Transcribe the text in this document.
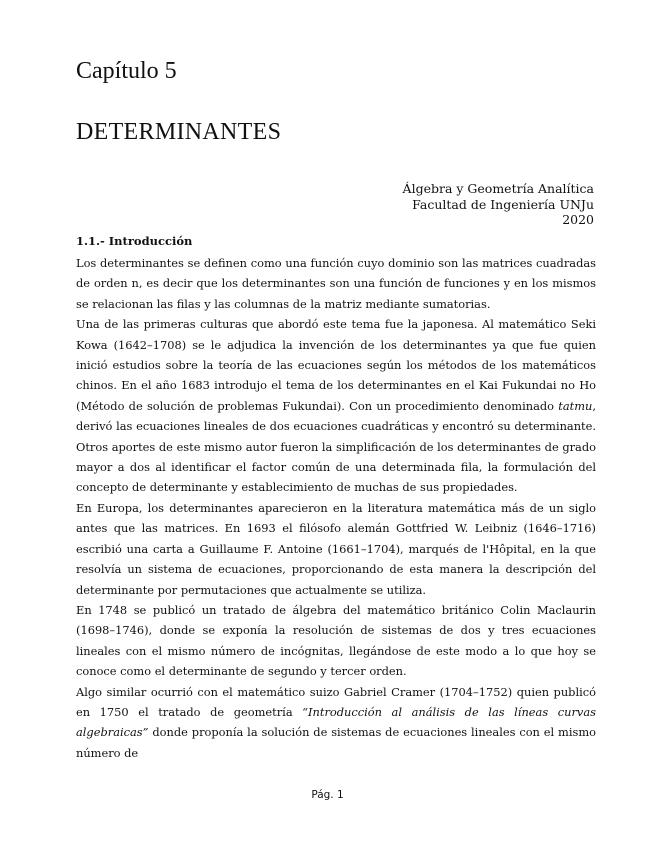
Capítulo 5
DETERMINANTES
Álgebra y Geometría Analítica
Facultad de Ingeniería UNJu
2020
1.1.- Introducción

Los determinantes se definen como una función cuyo dominio son las matrices cuadradas de orden n, es decir que los determinantes son una función de funciones y en los mismos se relacionan las filas y las columnas de la matriz mediante sumatorias.

Una de las primeras culturas que abordó este tema fue la japonesa. Al matemático Seki Kowa (1642–1708) se le adjudica la invención de los determinantes ya que fue quien inició estudios sobre la teoría de las ecuaciones según los métodos de los matemáticos chinos. En el año 1683 introdujo el tema de los determinantes en el Kai Fukundai no Ho (Método de solución de problemas Fukundai). Con un procedimiento denominado tatmu, derivó las ecuaciones lineales de dos ecuaciones cuadráticas y encontró su determinante. Otros aportes de este mismo autor fueron la simplificación de los determinantes de grado mayor a dos al identificar el factor común de una determinada fila, la formulación del concepto de determinante y establecimiento de muchas de sus propiedades.

En Europa, los determinantes aparecieron en la literatura matemática más de un siglo antes que las matrices. En 1693 el filósofo alemán Gottfried W. Leibniz (1646–1716) escribió una carta a Guillaume F. Antoine (1661–1704), marqués de l'Hôpital, en la que resolvía un sistema de ecuaciones, proporcionando de esta manera la descripción del determinante por permutaciones que actualmente se utiliza.

En 1748 se publicó un tratado de álgebra del matemático británico Colin Maclaurin (1698–1746), donde se exponía la resolución de sistemas de dos y tres ecuaciones lineales con el mismo número de incógnitas, llegándose de este modo a lo que hoy se conoce como el determinante de segundo y tercer orden.

Algo similar ocurrió con el matemático suizo Gabriel Cramer (1704–1752) quien publicó en 1750 el tratado de geometría “Introducción al análisis de las líneas curvas algebraicas” donde proponía la solución de sistemas de ecuaciones lineales con el mismo número de

Pág. 1
